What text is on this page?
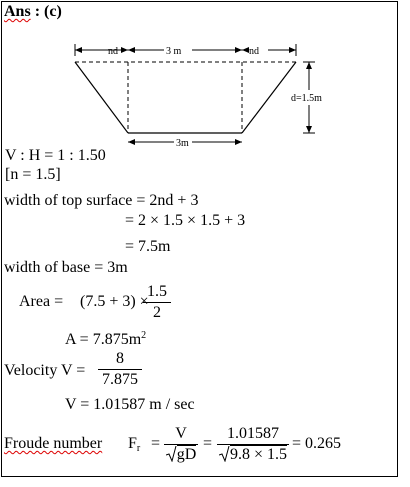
Ans : (c)
nd	3 m	nd
d=1.5m
3m
V : H = 1 : 1.50
[n = 1.5]
width of top surface = 2nd + 3
= 2 × 1.5 × 1.5 + 3
= 7.5m
width of base = 3m
Area = (7.5 + 3) ×
1.5
2
$A = 7.875m^2$
Velocity V =
8
7.875
V = 1.01587 m / sec
Froude number $F_r$ =
V
gD
=
1.01587
9.8 × 1.5
= 0.265
